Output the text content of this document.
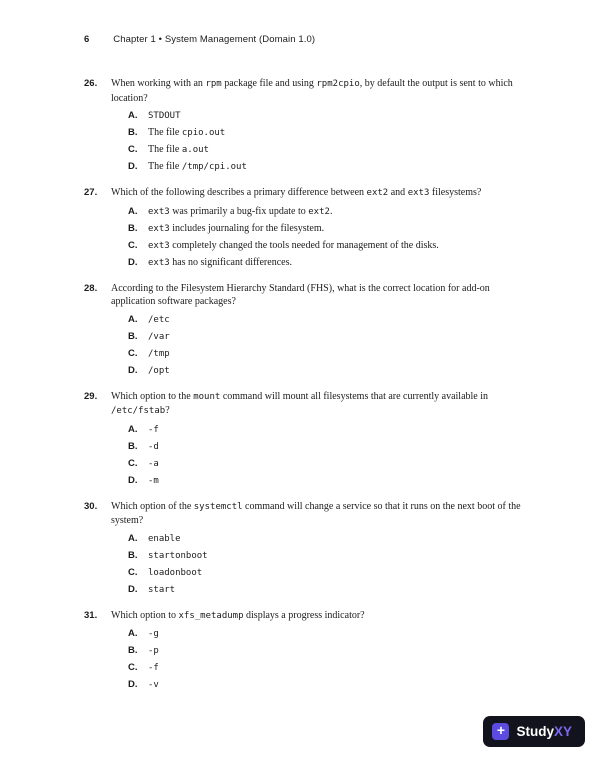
6	Chapter 1 • System Management (Domain 1.0)
26.	When working with an rpm package file and using rpm2cpio, by default the output is sent to which location?
A. STDOUT
B. The file cpio.out
C. The file a.out
D. The file /tmp/cpi.out
27.	Which of the following describes a primary difference between ext2 and ext3 filesystems?
A. ext3 was primarily a bug-fix update to ext2.
B. ext3 includes journaling for the filesystem.
C. ext3 completely changed the tools needed for management of the disks.
D. ext3 has no significant differences.
28.	According to the Filesystem Hierarchy Standard (FHS), what is the correct location for add-on application software packages?
A. /etc
B. /var
C. /tmp
D. /opt
29.	Which option to the mount command will mount all filesystems that are currently available in /etc/fstab?
A. -f
B. -d
C. -a
D. -m
30.	Which option of the systemctl command will change a service so that it runs on the next boot of the system?
A. enable
B. startonboot
C. loadonboot
D. start
31.	Which option to xfs_metadump displays a progress indicator?
A. -g
B. -p
C. -f
D. -v
+ StudyXY
